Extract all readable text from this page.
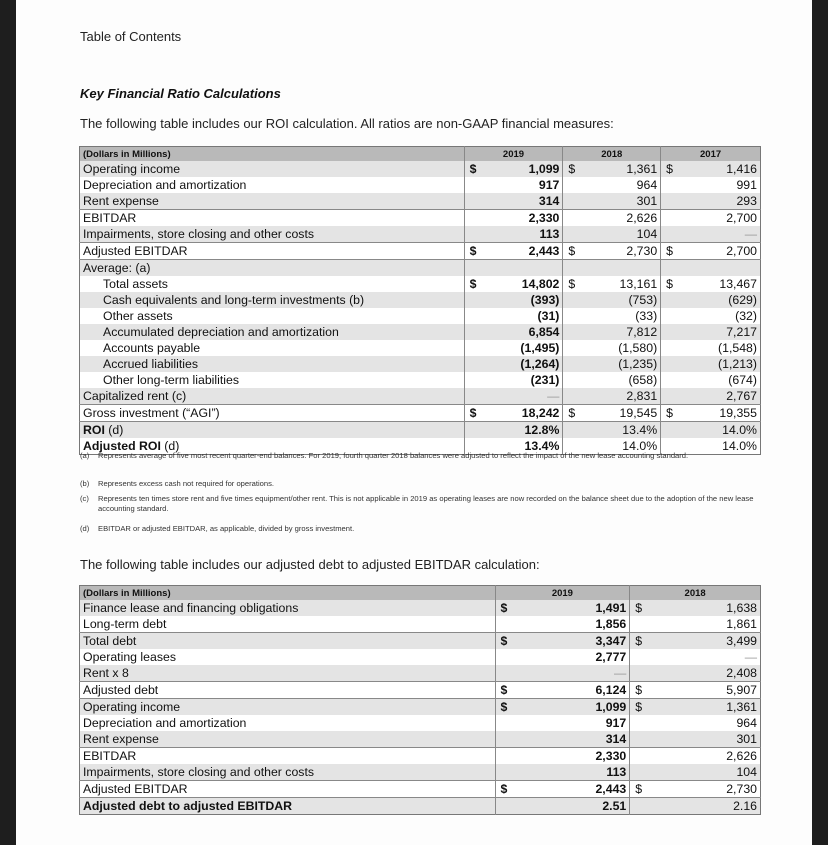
Table of Contents
Key Financial Ratio Calculations
The following table includes our ROI calculation. All ratios are non-GAAP financial measures:
(Dollars in Millions)	2019	2018	2017
Operating income	$ 1,099	$ 1,361	$ 1,416
Depreciation and amortization	917	964	991
Rent expense	314	301	293
EBITDAR	2,330	2,626	2,700
Impairments, store closing and other costs	113	104	—
Adjusted EBITDAR	$ 2,443	$ 2,730	$ 2,700
Average: (a)			
Total assets	$ 14,802	$ 13,161	$ 13,467
Cash equivalents and long-term investments (b)	(393)	(753)	(629)
Other assets	(31)	(33)	(32)
Accumulated depreciation and amortization	6,854	7,812	7,217
Accounts payable	(1,495)	(1,580)	(1,548)
Accrued liabilities	(1,264)	(1,235)	(1,213)
Other long-term liabilities	(231)	(658)	(674)
Capitalized rent (c)	—	2,831	2,767
Gross investment (“AGI”)	$ 18,242	$ 19,545	$ 19,355
ROI (d)	12.8%	13.4%	14.0%
Adjusted ROI (d)	13.4%	14.0%	14.0%
(a) Represents average of five most recent quarter-end balances. For 2019, fourth quarter 2018 balances were adjusted to reflect the impact of the new lease accounting standard.
(b) Represents excess cash not required for operations.
(c) Represents ten times store rent and five times equipment/other rent. This is not applicable in 2019 as operating leases are now recorded on the balance sheet due to the adoption of the new lease accounting standard.
(d) EBITDAR or adjusted EBITDAR, as applicable, divided by gross investment.
The following table includes our adjusted debt to adjusted EBITDAR calculation:
(Dollars in Millions)	2019	2018
Finance lease and financing obligations	$ 1,491	$ 1,638
Long-term debt	1,856	1,861
Total debt	$ 3,347	$ 3,499
Operating leases	2,777	—
Rent x 8	—	2,408
Adjusted debt	$ 6,124	$ 5,907
Operating income	$ 1,099	$ 1,361
Depreciation and amortization	917	964
Rent expense	314	301
EBITDAR	2,330	2,626
Impairments, store closing and other costs	113	104
Adjusted EBITDAR	$ 2,443	$ 2,730
Adjusted debt to adjusted EBITDAR	2.51	2.16
